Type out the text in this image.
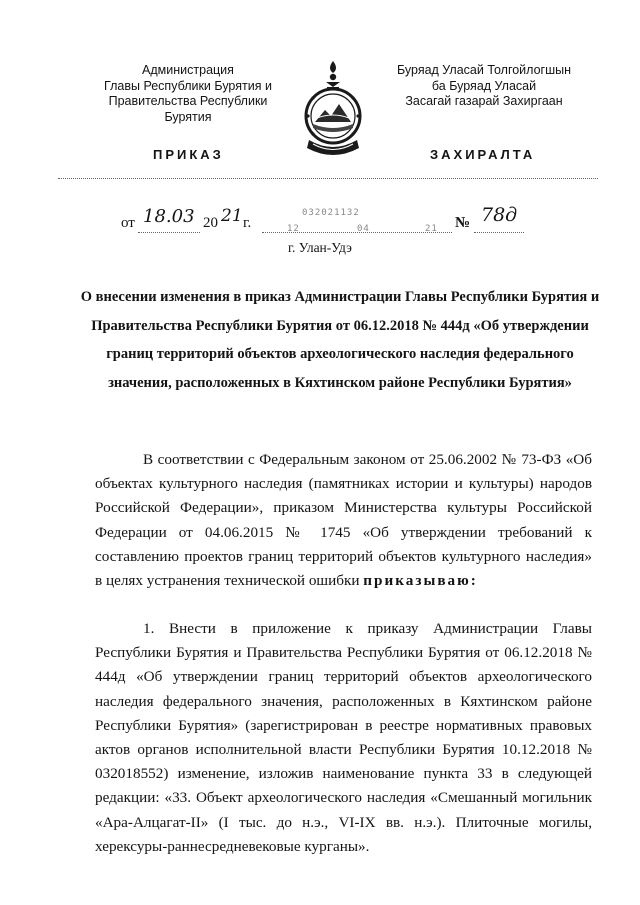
Администрация
Главы Республики Бурятия и
Правительства Республики Бурятия
Буряад Уласай Толгойлогшын
ба Буряад Уласай
Засагай газарай Захиргаан
ПРИКАЗ	ЗАХИРАЛТА
от 18.03 20 21 г.
032021132
12	04	21 № 78д
г. Улан-Удэ

О внесении изменения в приказ Администрации Главы Республики Бурятия и Правительства Республики Бурятия от 06.12.2018 № 444д «Об утверждении границ территорий объектов археологического наследия федерального значения, расположенных в Кяхтинском районе Республики Бурятия»

В соответствии с Федеральным законом от 25.06.2002 № 73-ФЗ «Об объектах культурного наследия (памятниках истории и культуры) народов Российской Федерации», приказом Министерства культуры Российской Федерации от 04.06.2015 № 1745 «Об утверждении требований к составлению проектов границ территорий объектов культурного наследия» в целях устранения технической ошибки приказываю:

1. Внести в приложение к приказу Администрации Главы Республики Бурятия и Правительства Республики Бурятия от 06.12.2018 № 444д «Об утверждении границ территорий объектов археологического наследия федерального значения, расположенных в Кяхтинском районе Республики Бурятия» (зарегистрирован в реестре нормативных правовых актов органов исполнительной власти Республики Бурятия 10.12.2018 № 032018552) изменение, изложив наименование пункта 33 в следующей редакции: «33. Объект археологического наследия «Смешанный могильник «Ара-Алцагат-II» (I тыс. до н.э., VI-IX вв. н.э.). Плиточные могилы, херексуры-раннесредневековые курганы».
